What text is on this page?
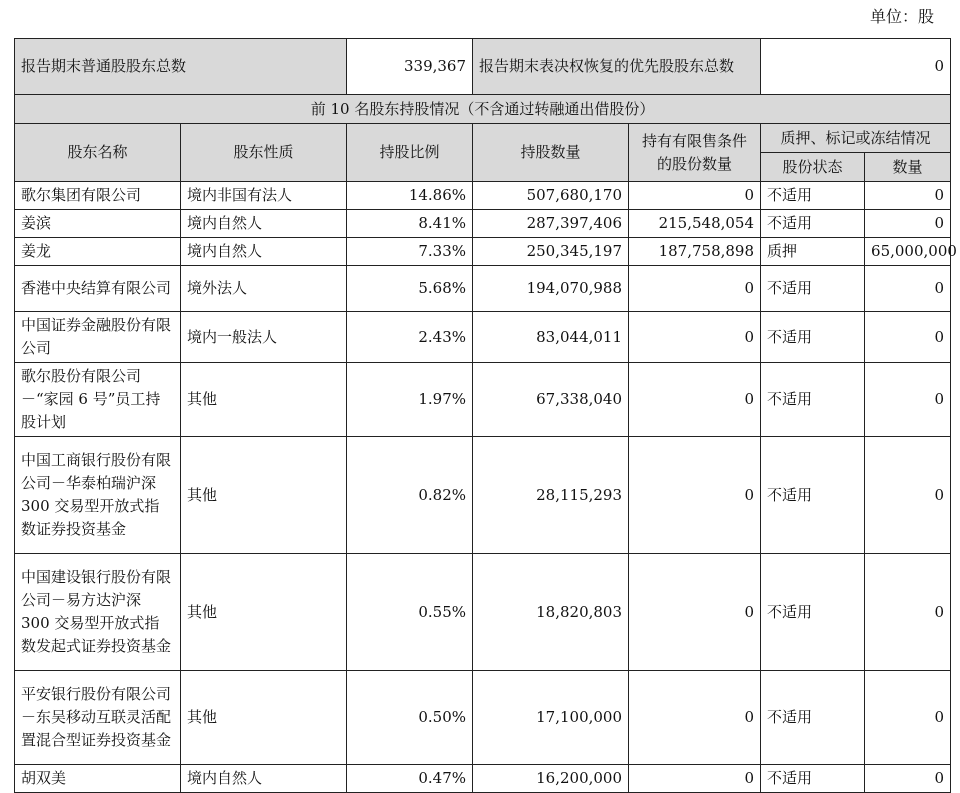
单位：股
报告期末普通股股东总数		339,367	报告期末表决权恢复的优先股股东总数		0	
前 10 名股东持股情况（不含通过转融通出借股份）						
股东名称	股东性质	持股比例	持股数量	持有有限售条件的股份数量	质押、标记或冻结情况	
					股份状态	数量
歌尔集团有限公司	境内非国有法人	14.86%	507,680,170	0	不适用	0
姜滨	境内自然人	8.41%	287,397,406	215,548,054	不适用	0
姜龙	境内自然人	7.33%	250,345,197	187,758,898	质押	65,000,000
香港中央结算有限公司	境外法人	5.68%	194,070,988	0	不适用	0
中国证券金融股份有限公司	境内一般法人	2.43%	83,044,011	0	不适用	0
歌尔股份有限公司－“家园 6 号”员工持股计划	其他	1.97%	67,338,040	0	不适用	0
中国工商银行股份有限公司－华泰柏瑞沪深 300 交易型开放式指数证券投资基金	其他	0.82%	28,115,293	0	不适用	0
中国建设银行股份有限公司－易方达沪深 300 交易型开放式指数发起式证券投资基金	其他	0.55%	18,820,803	0	不适用	0
平安银行股份有限公司－东吴移动互联灵活配置混合型证券投资基金	其他	0.50%	17,100,000	0	不适用	0
胡双美	境内自然人	0.47%	16,200,000	0	不适用	0
